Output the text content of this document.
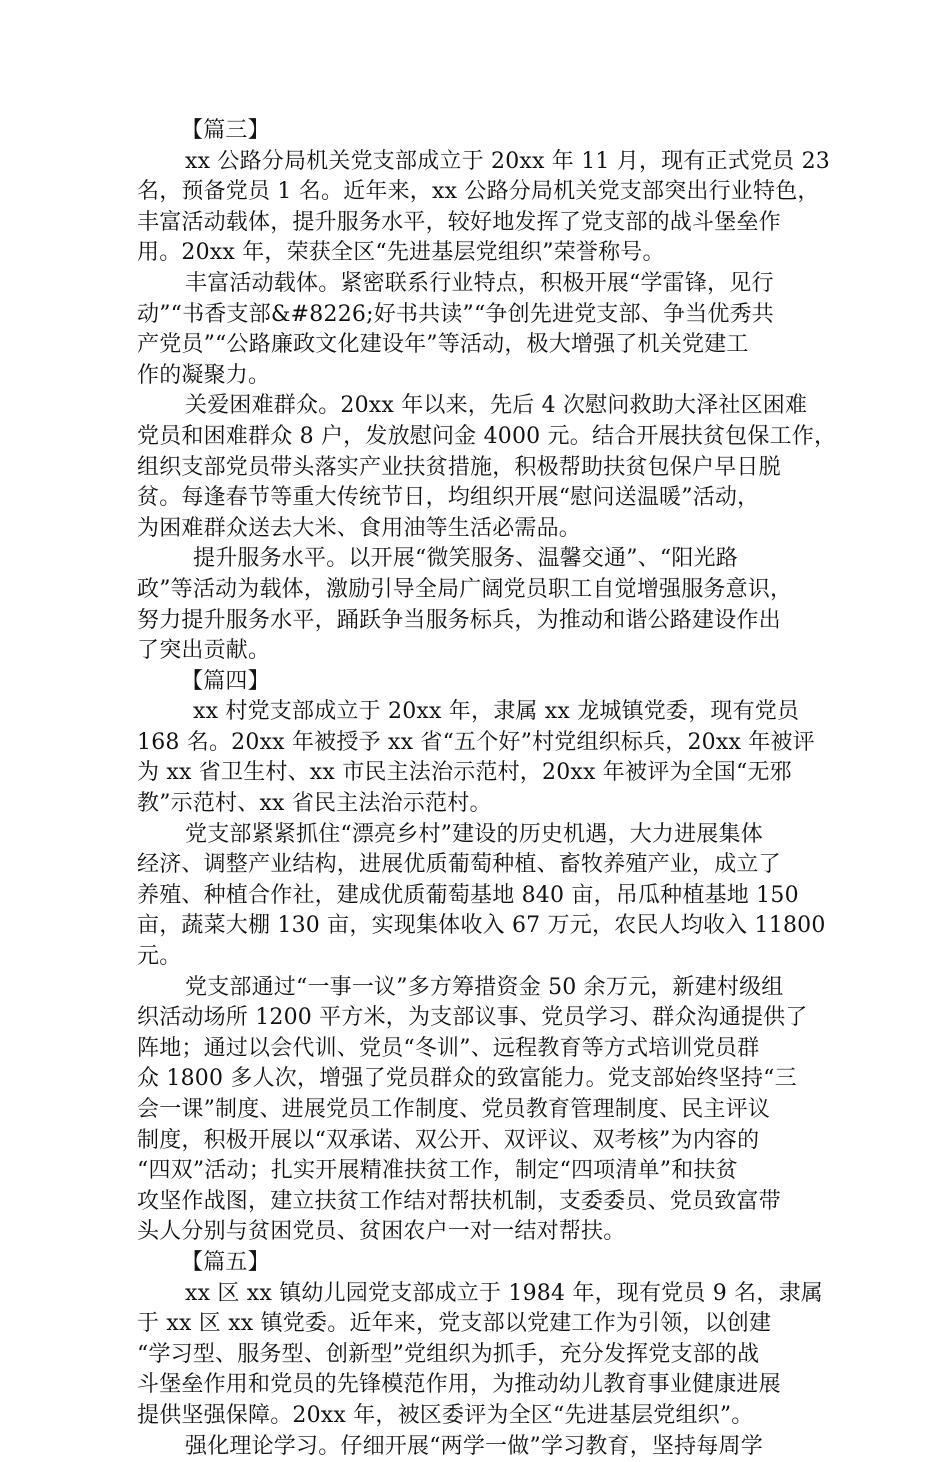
【篇三】
xx 公路分局机关党支部成立于 20xx 年 11 月，现有正式党员 23
名，预备党员 1 名。近年来，xx 公路分局机关党支部突出行业特色，
丰富活动载体，提升服务水平，较好地发挥了党支部的战斗堡垒作
用。20xx 年，荣获全区“先进基层党组织”荣誉称号。
丰富活动载体。紧密联系行业特点，积极开展“学雷锋，见行
动”“书香支部&#8226;好书共读”“争创先进党支部、争当优秀共
产党员”“公路廉政文化建设年”等活动，极大增强了机关党建工
作的凝聚力。
关爱困难群众。20xx 年以来，先后 4 次慰问救助大泽社区困难
党员和困难群众 8 户，发放慰问金 4000 元。结合开展扶贫包保工作，
组织支部党员带头落实产业扶贫措施，积极帮助扶贫包保户早日脱
贫。每逢春节等重大传统节日，均组织开展“慰问送温暖”活动，
为困难群众送去大米、食用油等生活必需品。
提升服务水平。以开展“微笑服务、温馨交通”、“阳光路
政”等活动为载体，激励引导全局广阔党员职工自觉增强服务意识，
努力提升服务水平，踊跃争当服务标兵，为推动和谐公路建设作出
了突出贡献。
【篇四】
xx 村党支部成立于 20xx 年，隶属 xx 龙城镇党委，现有党员
168 名。20xx 年被授予 xx 省“五个好”村党组织标兵，20xx 年被评
为 xx 省卫生村、xx 市民主法治示范村，20xx 年被评为全国“无邪
教”示范村、xx 省民主法治示范村。
党支部紧紧抓住“漂亮乡村”建设的历史机遇，大力进展集体
经济、调整产业结构，进展优质葡萄种植、畜牧养殖产业，成立了
养殖、种植合作社，建成优质葡萄基地 840 亩，吊瓜种植基地 150
亩，蔬菜大棚 130 亩，实现集体收入 67 万元，农民人均收入 11800
元。
党支部通过“一事一议”多方筹措资金 50 余万元，新建村级组
织活动场所 1200 平方米，为支部议事、党员学习、群众沟通提供了
阵地；通过以会代训、党员“冬训”、远程教育等方式培训党员群
众 1800 多人次，增强了党员群众的致富能力。党支部始终坚持“三
会一课”制度、进展党员工作制度、党员教育管理制度、民主评议
制度，积极开展以“双承诺、双公开、双评议、双考核”为内容的
“四双”活动；扎实开展精准扶贫工作，制定“四项清单”和扶贫
攻坚作战图，建立扶贫工作结对帮扶机制，支委委员、党员致富带
头人分别与贫困党员、贫困农户一对一结对帮扶。
【篇五】
xx 区 xx 镇幼儿园党支部成立于 1984 年，现有党员 9 名，隶属
于 xx 区 xx 镇党委。近年来，党支部以党建工作为引领，以创建
“学习型、服务型、创新型”党组织为抓手，充分发挥党支部的战
斗堡垒作用和党员的先锋模范作用，为推动幼儿教育事业健康进展
提供坚强保障。20xx 年，被区委评为全区“先进基层党组织”。
强化理论学习。仔细开展“两学一做”学习教育，坚持每周学
